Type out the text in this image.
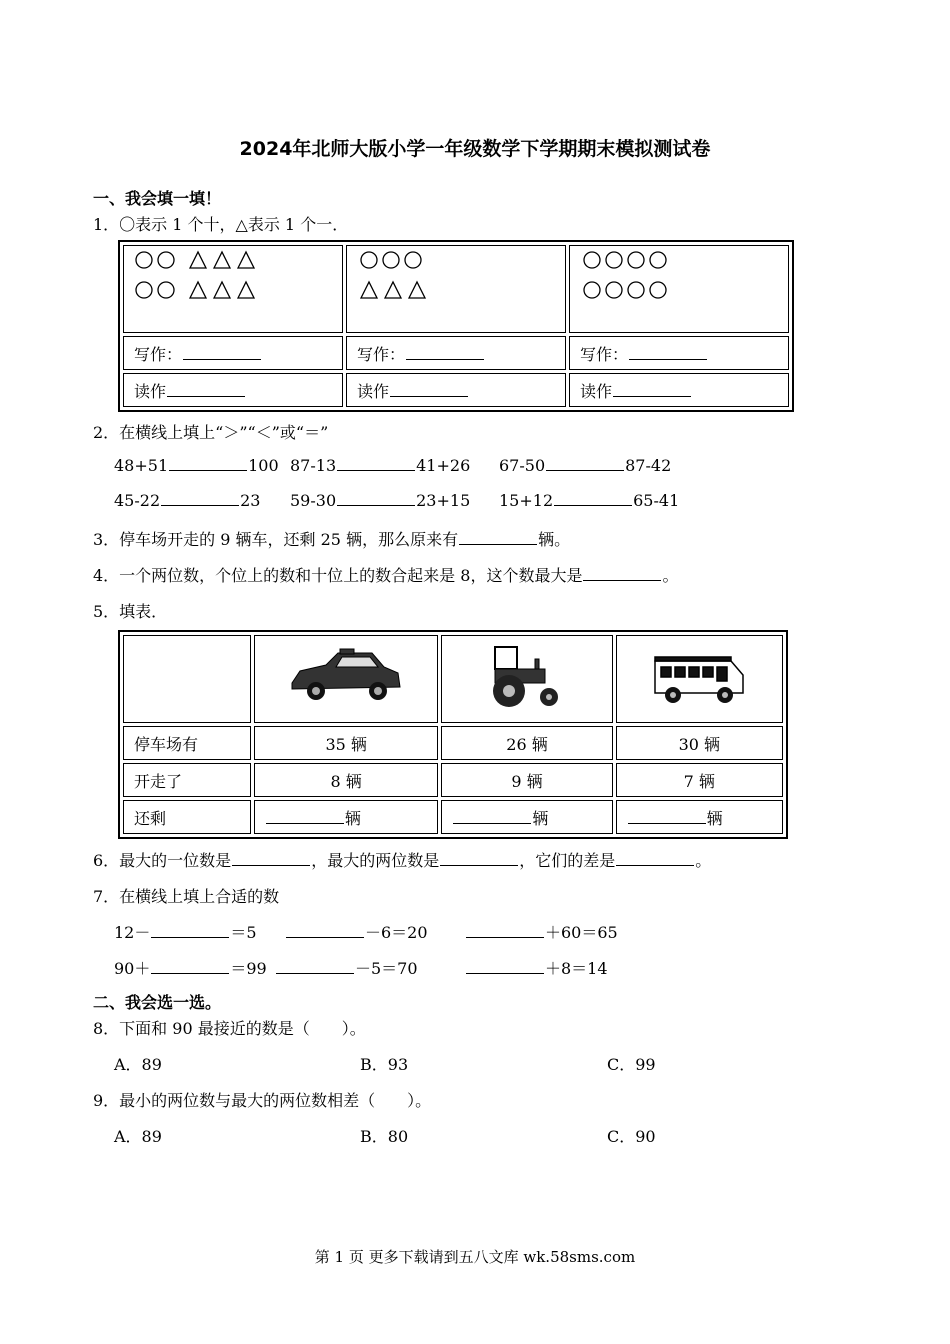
2024年北师大版小学一年级数学下学期期末模拟测试卷
一、我会填一填！
1．〇表示 1 个十，△表示 1 个一．

写作：	写作：	写作：
读作	读作	读作
2．在横线上填上“＞”“＜”或“＝”
48+51	100 87-13	41+26 67-50	87-42
45-22	23 59-30	23+15 15+12	65-41
3．停车场开走的 9 辆车，还剩 25 辆，那么原来有	辆。
4．一个两位数，个位上的数和十位上的数合起来是 8，这个数最大是	。
5．填表．

停车场有	35 辆	26 辆	30 辆
开走了	8 辆	9 辆	7 辆
还剩	辆	辆	辆
6．最大的一位数是	，最大的两位数是	，它们的差是	。
7．在横线上填上合适的数
12－	＝5	－6＝20	＋60＝65
90＋	＝99	－5＝70	＋8＝14
二、我会选一选。
8．下面和 90 最接近的数是（　　）。
A．89	B．93	C．99
9．最小的两位数与最大的两位数相差（　　）。
A．89	B．80	C．90
第 1 页 更多下载请到五八文库 wk.58sms.com
